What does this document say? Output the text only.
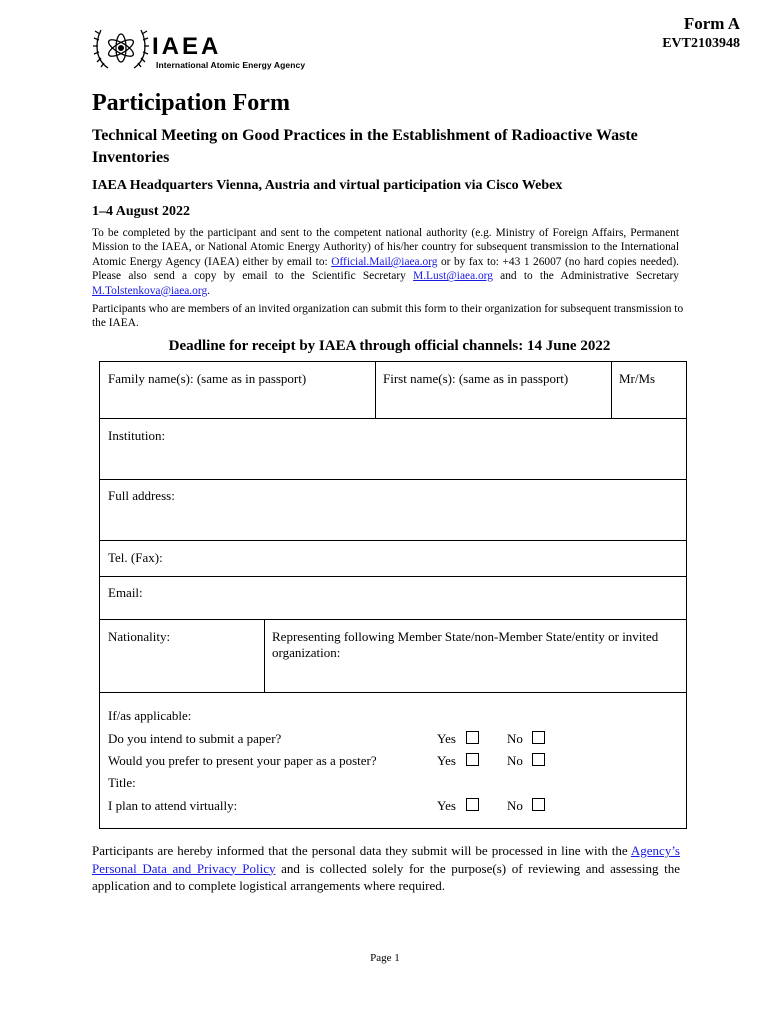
IAEA
International Atomic Energy Agency
Form A
EVT2103948
Participation Form
Technical Meeting on Good Practices in the Establishment of Radioactive Waste Inventories
IAEA Headquarters Vienna, Austria and virtual participation via Cisco Webex
1–4 August 2022
To be completed by the participant and sent to the competent national authority (e.g. Ministry of Foreign Affairs, Permanent Mission to the IAEA, or National Atomic Energy Authority) of his/her country for subsequent transmission to the International Atomic Energy Agency (IAEA) either by email to: Official.Mail@iaea.org or by fax to: +43 1 26007 (no hard copies needed). Please also send a copy by email to the Scientific Secretary M.Lust@iaea.org and to the Administrative Secretary M.Tolstenkova@iaea.org.
Participants who are members of an invited organization can submit this form to their organization for subsequent transmission to the IAEA.
Deadline for receipt by IAEA through official channels: 14 June 2022
Family name(s): (same as in passport)	First name(s): (same as in passport)	Mr/Ms
Institution:
Full address:
Tel. (Fax):
Email:
Nationality:	Representing following Member State/non-Member State/entity or invited organization:
If/as applicable:
Do you intend to submit a paper?	Yes	No
Would you prefer to present your paper as a poster?	Yes	No
Title:
I plan to attend virtually:	Yes	No
Participants are hereby informed that the personal data they submit will be processed in line with the Agency’s Personal Data and Privacy Policy and is collected solely for the purpose(s) of reviewing and assessing the application and to complete logistical arrangements where required.
Page 1
